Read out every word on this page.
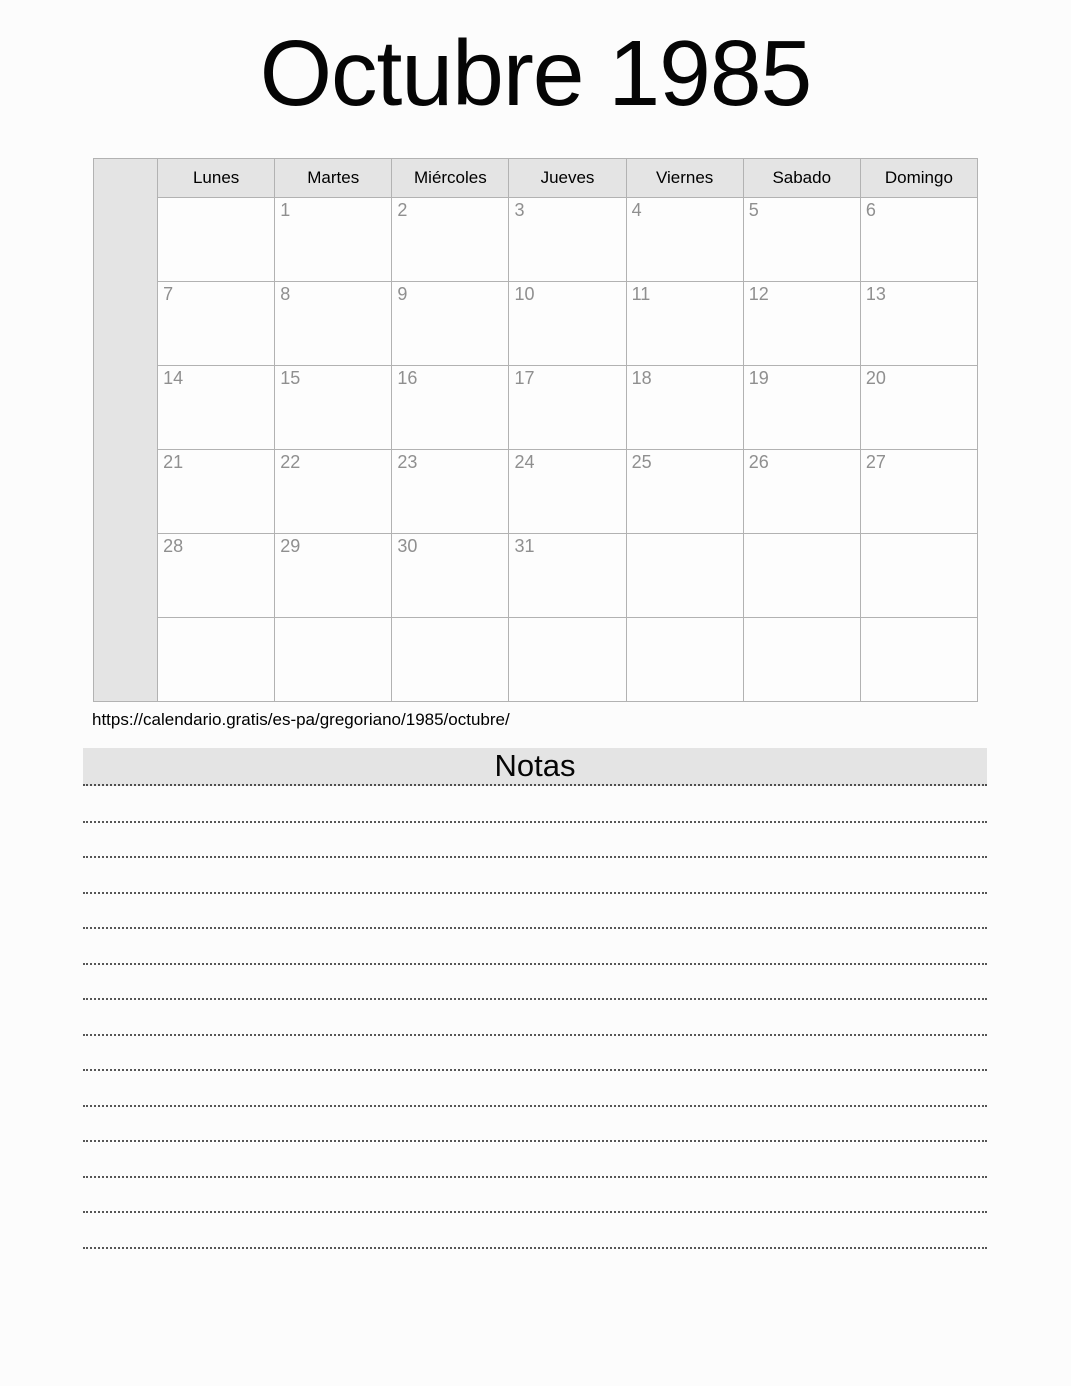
Octubre 1985
	Lunes	Martes	Miércoles	Jueves	Viernes	Sabado	Domingo
		1	2	3	4	5	6
	7	8	9	10	11	12	13
	14	15	16	17	18	19	20
	21	22	23	24	25	26	27
	28	29	30	31			

https://calendario.gratis/es-pa/gregoriano/1985/octubre/
Notas
